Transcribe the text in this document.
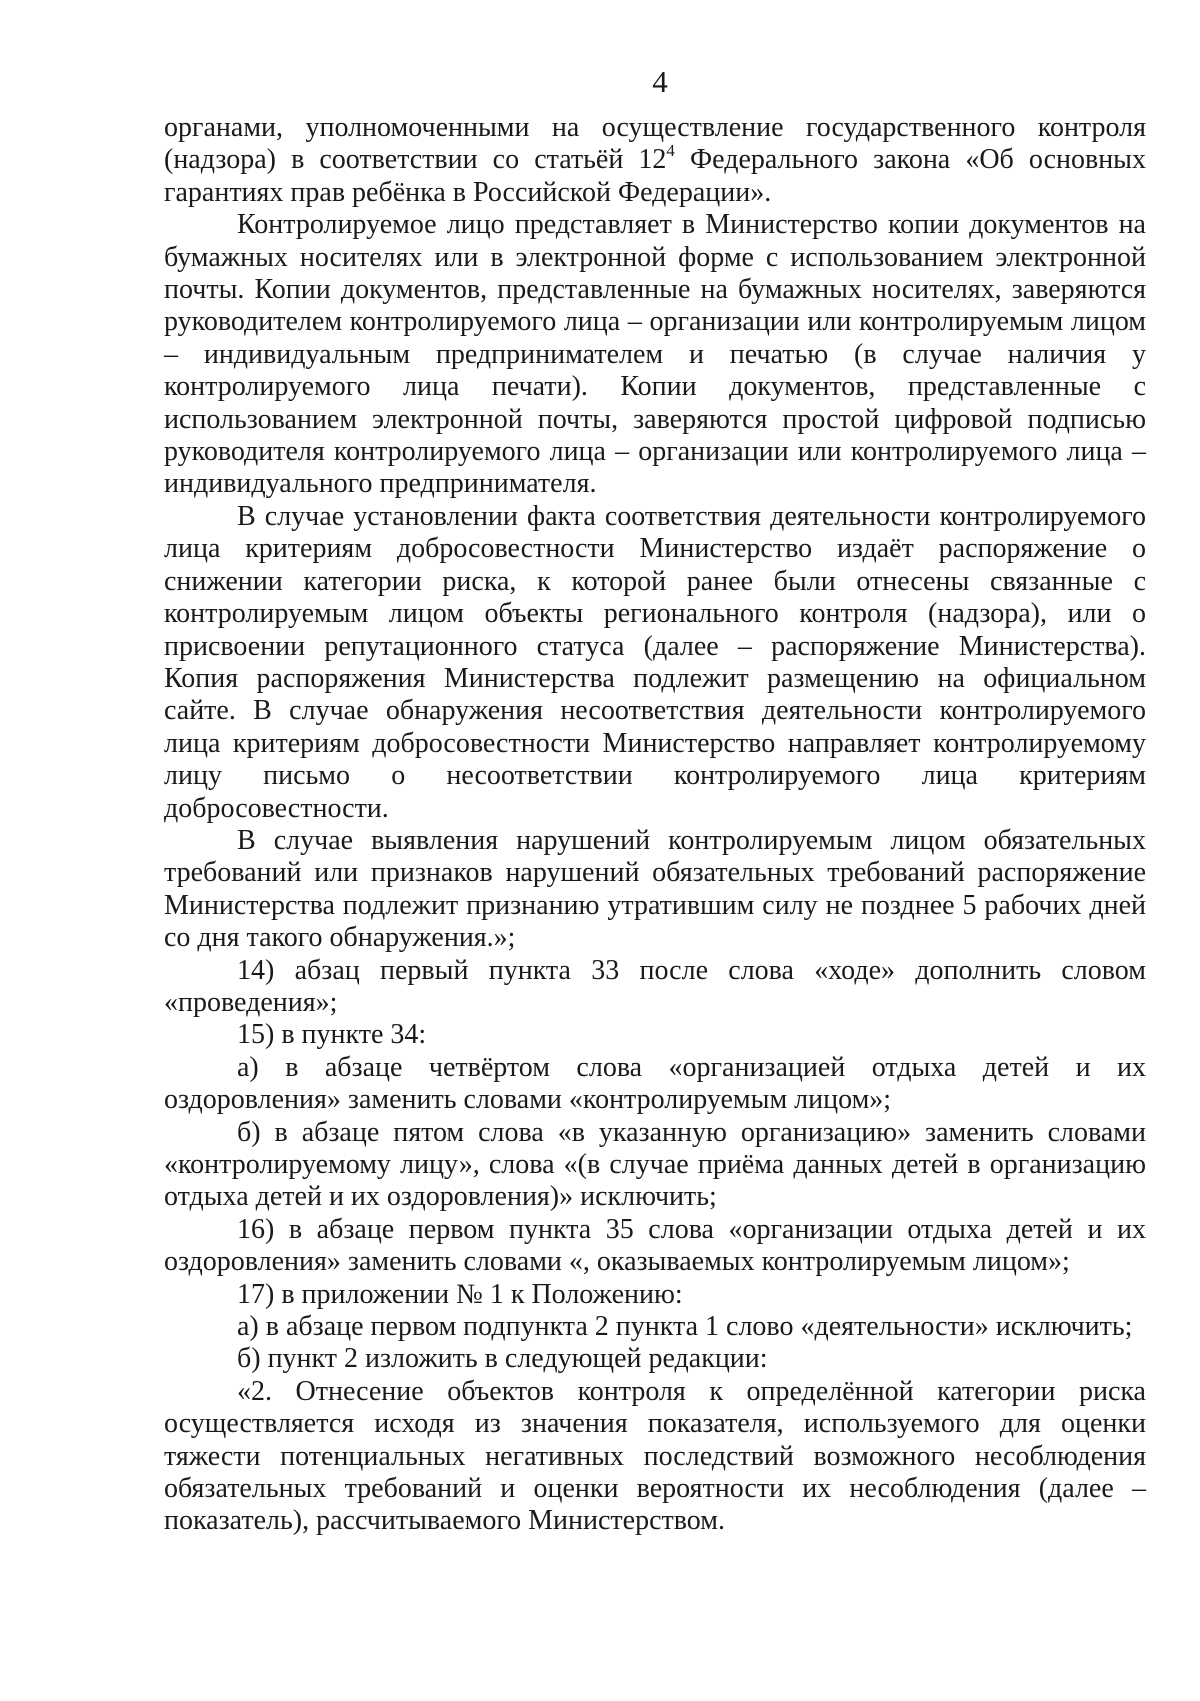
4

органами, уполномоченными на осуществление государственного контроля (надзора) в соответствии со статьёй $12^4$ Федерального закона «Об основных гарантиях прав ребёнка в Российской Федерации».

Контролируемое лицо представляет в Министерство копии документов на бумажных носителях или в электронной форме с использованием электронной почты. Копии документов, представленные на бумажных носителях, заверяются руководителем контролируемого лица – организации или контролируемым лицом – индивидуальным предпринимателем и печатью (в случае наличия у контролируемого лица печати). Копии документов, представленные с использованием электронной почты, заверяются простой цифровой подписью руководителя контролируемого лица – организации или контролируемого лица – индивидуального предпринимателя.

В случае установлении факта соответствия деятельности контролируемого лица критериям добросовестности Министерство издаёт распоряжение о снижении категории риска, к которой ранее были отнесены связанные с контролируемым лицом объекты регионального контроля (надзора), или о присвоении репутационного статуса (далее – распоряжение Министерства). Копия распоряжения Министерства подлежит размещению на официальном сайте. В случае обнаружения несоответствия деятельности контролируемого лица критериям добросовестности Министерство направляет контролируемому лицу письмо о несоответствии контролируемого лица критериям добросовестности.

В случае выявления нарушений контролируемым лицом обязательных требований или признаков нарушений обязательных требований распоряжение Министерства подлежит признанию утратившим силу не позднее 5 рабочих дней со дня такого обнаружения.»;

14) абзац первый пункта 33 после слова «ходе» дополнить словом «проведения»;

15) в пункте 34:

а) в абзаце четвёртом слова «организацией отдыха детей и их оздоровления» заменить словами «контролируемым лицом»;

б) в абзаце пятом слова «в указанную организацию» заменить словами «контролируемому лицу», слова «(в случае приёма данных детей в организацию отдыха детей и их оздоровления)» исключить;

16) в абзаце первом пункта 35 слова «организации отдыха детей и их оздоровления» заменить словами «, оказываемых контролируемым лицом»;

17) в приложении № 1 к Положению:

а) в абзаце первом подпункта 2 пункта 1 слово «деятельности» исключить;

б) пункт 2 изложить в следующей редакции:

«2. Отнесение объектов контроля к определённой категории риска осуществляется исходя из значения показателя, используемого для оценки тяжести потенциальных негативных последствий возможного несоблюдения обязательных требований и оценки вероятности их несоблюдения (далее – показатель), рассчитываемого Министерством.
